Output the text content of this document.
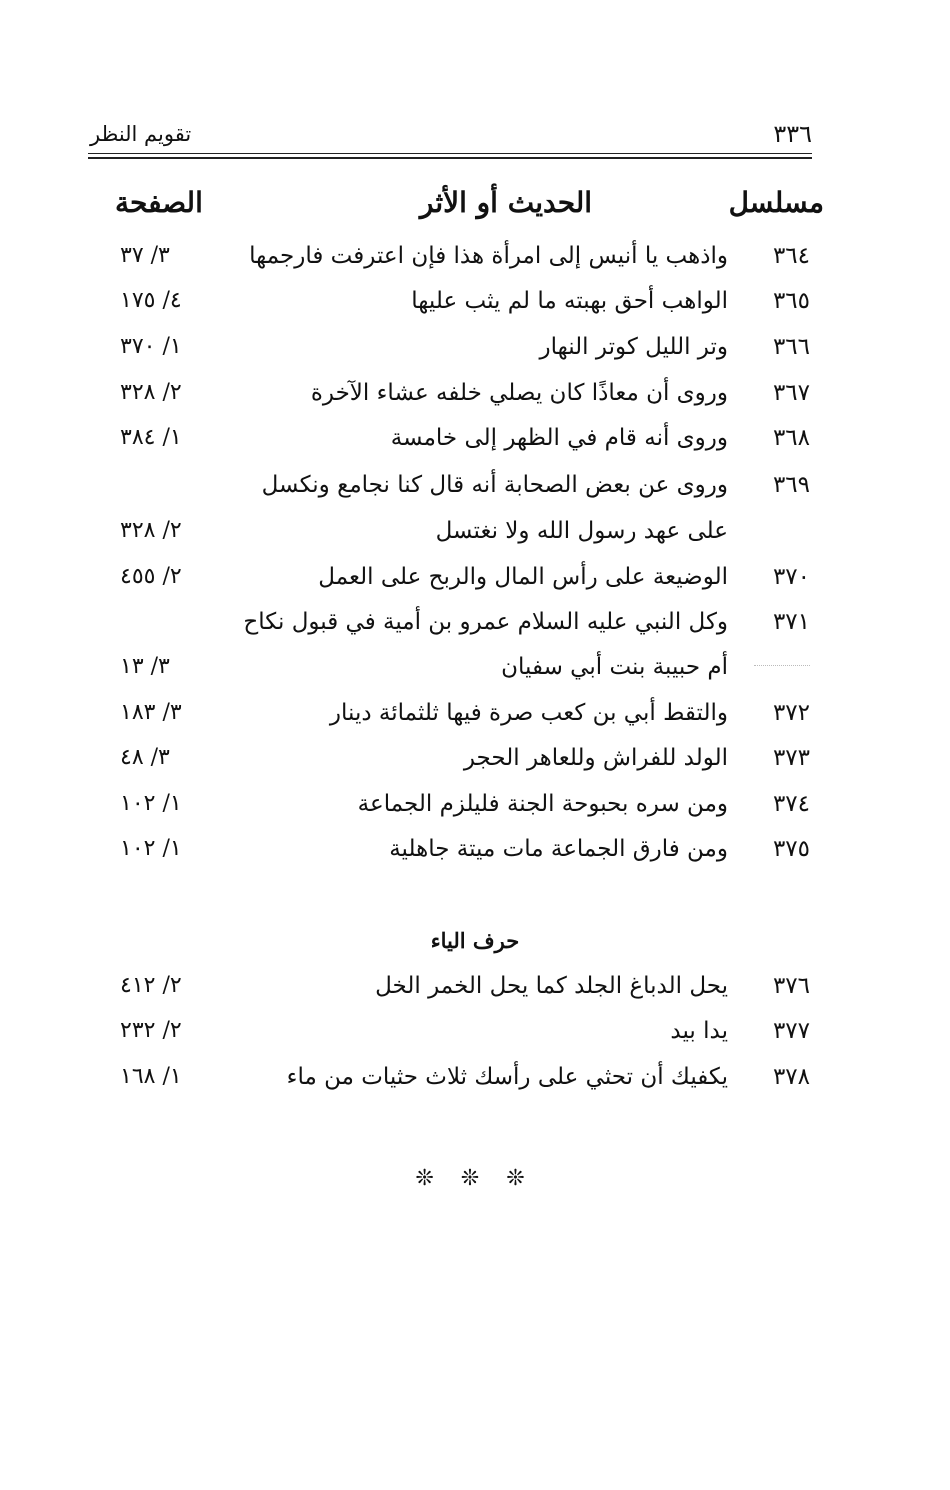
٣٣٦
تقويم النظر
مسلسل
الحديث أو الأثر
الصفحة
٣٦٤
واذهب يا أنيس إلى امرأة هذا فإن اعترفت فارجمها
٣/ ٣٧
٣٦٥
الواهب أحق بهبته ما لم يثب عليها
٤/ ١٧٥
٣٦٦
وتر الليل كوتر النهار
١/ ٣٧٠
٣٦٧
وروى أن معاذًا كان يصلي خلفه عشاء الآخرة
٢/ ٣٢٨
٣٦٨
وروى أنه قام في الظهر إلى خامسة
١/ ٣٨٤
٣٦٩
وروى عن بعض الصحابة أنه قال كنا نجامع ونكسل
على عهد رسول الله ولا نغتسل
٢/ ٣٢٨
٣٧٠
الوضيعة على رأس المال والربح على العمل
٢/ ٤٥٥
٣٧١
وكل النبي عليه السلام عمرو بن أمية في قبول نكاح
أم حبيبة بنت أبي سفيان
٣/ ١٣
٣٧٢
والتقط أبي بن كعب صرة فيها ثلثمائة دينار
٣/ ١٨٣
٣٧٣
الولد للفراش وللعاهر الحجر
٣/ ٤٨
٣٧٤
ومن سره بحبوحة الجنة فليلزم الجماعة
١/ ١٠٢
٣٧٥
ومن فارق الجماعة مات ميتة جاهلية
١/ ١٠٢
حرف الياء
٣٧٦
يحل الدباغ الجلد كما يحل الخمر الخل
٢/ ٤١٢
٣٧٧
يدا بيد
٢/ ٢٣٢
٣٧٨
يكفيك أن تحثي على رأسك ثلاث حثيات من ماء
١/ ١٦٨
❊ ❊ ❊
